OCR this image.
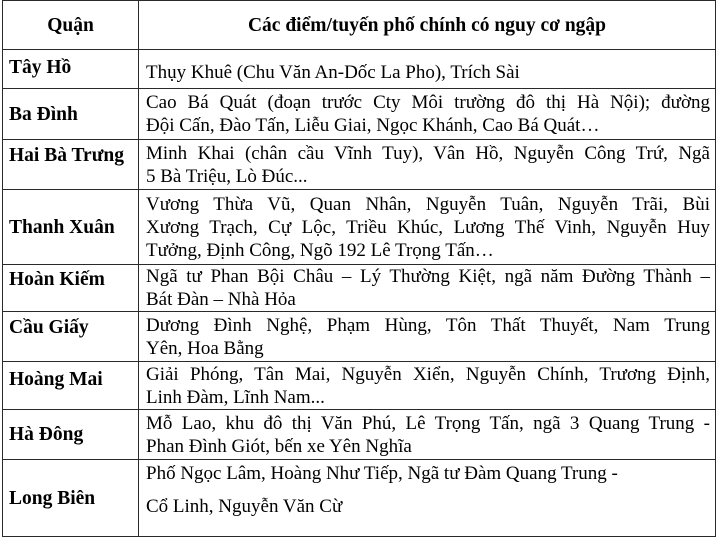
Quận	Các điểm/tuyến phố chính có nguy cơ ngập
Tây Hồ	Thụy Khuê (Chu Văn An-Dốc La Pho), Trích Sài

Ba Đình	Cao Bá Quát (đoạn trước Cty Môi trường đô thị Hà Nội); đường
Đội Cấn, Đào Tấn, Liễu Giai, Ngọc Khánh, Cao Bá Quát…

Hai Bà Trưng	Minh Khai (chân cầu Vĩnh Tuy), Vân Hồ, Nguyễn Công Trứ, Ngã
5 Bà Triệu, Lò Đúc...

Thanh Xuân	Vương Thừa Vũ, Quan Nhân, Nguyễn Tuân, Nguyễn Trãi, Bùi
Xương Trạch, Cự Lộc, Triều Khúc, Lương Thế Vinh, Nguyễn Huy
Tưởng, Định Công, Ngõ 192 Lê Trọng Tấn…

Hoàn Kiếm	Ngã tư Phan Bội Châu – Lý Thường Kiệt, ngã năm Đường Thành –
Bát Đàn – Nhà Hỏa

Cầu Giấy	Dương Đình Nghệ, Phạm Hùng, Tôn Thất Thuyết, Nam Trung
Yên, Hoa Bằng

Hoàng Mai	Giải Phóng, Tân Mai, Nguyễn Xiển, Nguyễn Chính, Trương Định,
Linh Đàm, Lĩnh Nam...

Hà Đông	Mỗ Lao, khu đô thị Văn Phú, Lê Trọng Tấn, ngã 3 Quang Trung -
Phan Đình Giót, bến xe Yên Nghĩa

Long Biên	Phố Ngọc Lâm, Hoàng Như Tiếp, Ngã tư Đàm Quang Trung -
Cổ Linh, Nguyễn Văn Cừ
